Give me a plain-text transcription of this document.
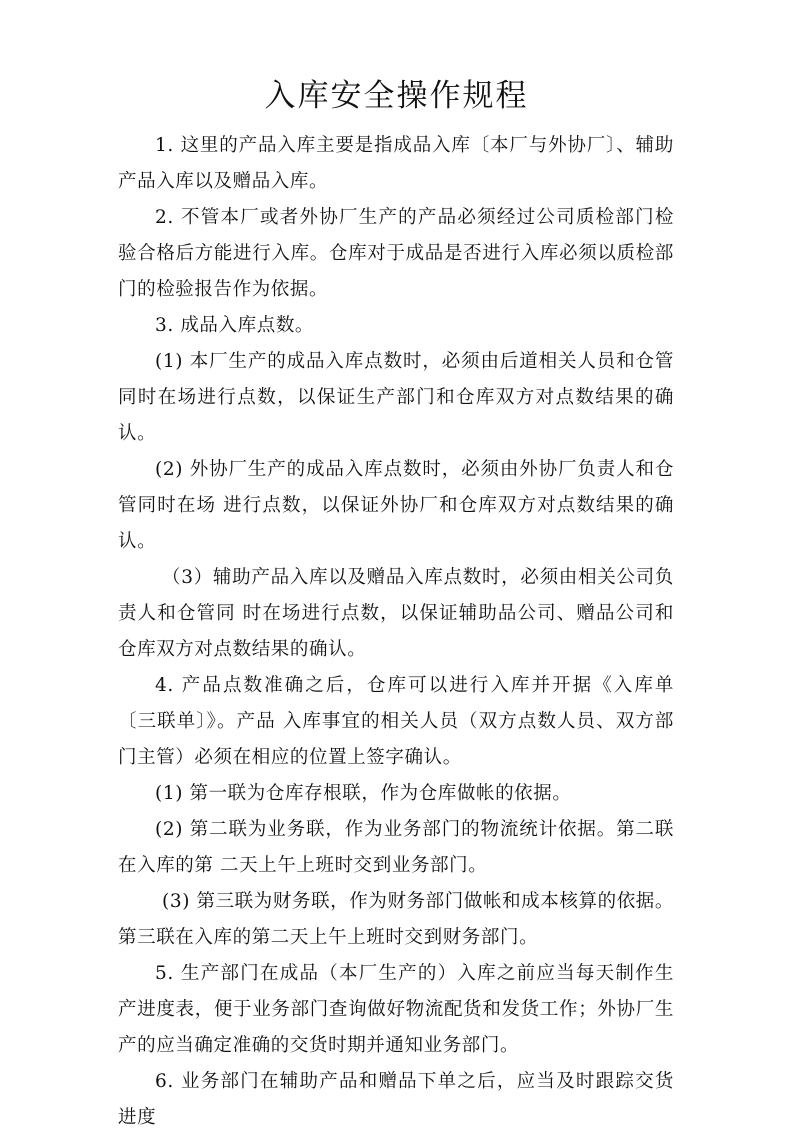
入库安全操作规程

1. 这里的产品入库主要是指成品入库〔本厂与外协厂〕、辅助产品入库以及赠品入库。

2. 不管本厂或者外协厂生产的产品必须经过公司质检部门检验合格后方能进行入库。仓库对于成品是否进行入库必须以质检部门的检验报告作为依据。

3. 成品入库点数。

(1) 本厂生产的成品入库点数时，必须由后道相关人员和仓管同时在场进行点数，以保证生产部门和仓库双方对点数结果的确认。

(2) 外协厂生产的成品入库点数时，必须由外协厂负责人和仓管同时在场 进行点数，以保证外协厂和仓库双方对点数结果的确认。

（3）辅助产品入库以及赠品入库点数时，必须由相关公司负责人和仓管同 时在场进行点数，以保证辅助品公司、赠品公司和仓库双方对点数结果的确认。

4. 产品点数准确之后，仓库可以进行入库并开据《入库单〔三联单〕》。产品 入库事宜的相关人员（双方点数人员、双方部门主管）必须在相应的位置上签字确认。

(1) 第一联为仓库存根联，作为仓库做帐的依据。

(2) 第二联为业务联，作为业务部门的物流统计依据。第二联在入库的第 二天上午上班时交到业务部门。

(3) 第三联为财务联，作为财务部门做帐和成本核算的依据。第三联在入库的第二天上午上班时交到财务部门。

5. 生产部门在成品（本厂生产的）入库之前应当每天制作生产进度表，便于业务部门查询做好物流配货和发货工作；外协厂生产的应当确定准确的交货时期并通知业务部门。

6. 业务部门在辅助产品和赠品下单之后，应当及时跟踪交货进度
